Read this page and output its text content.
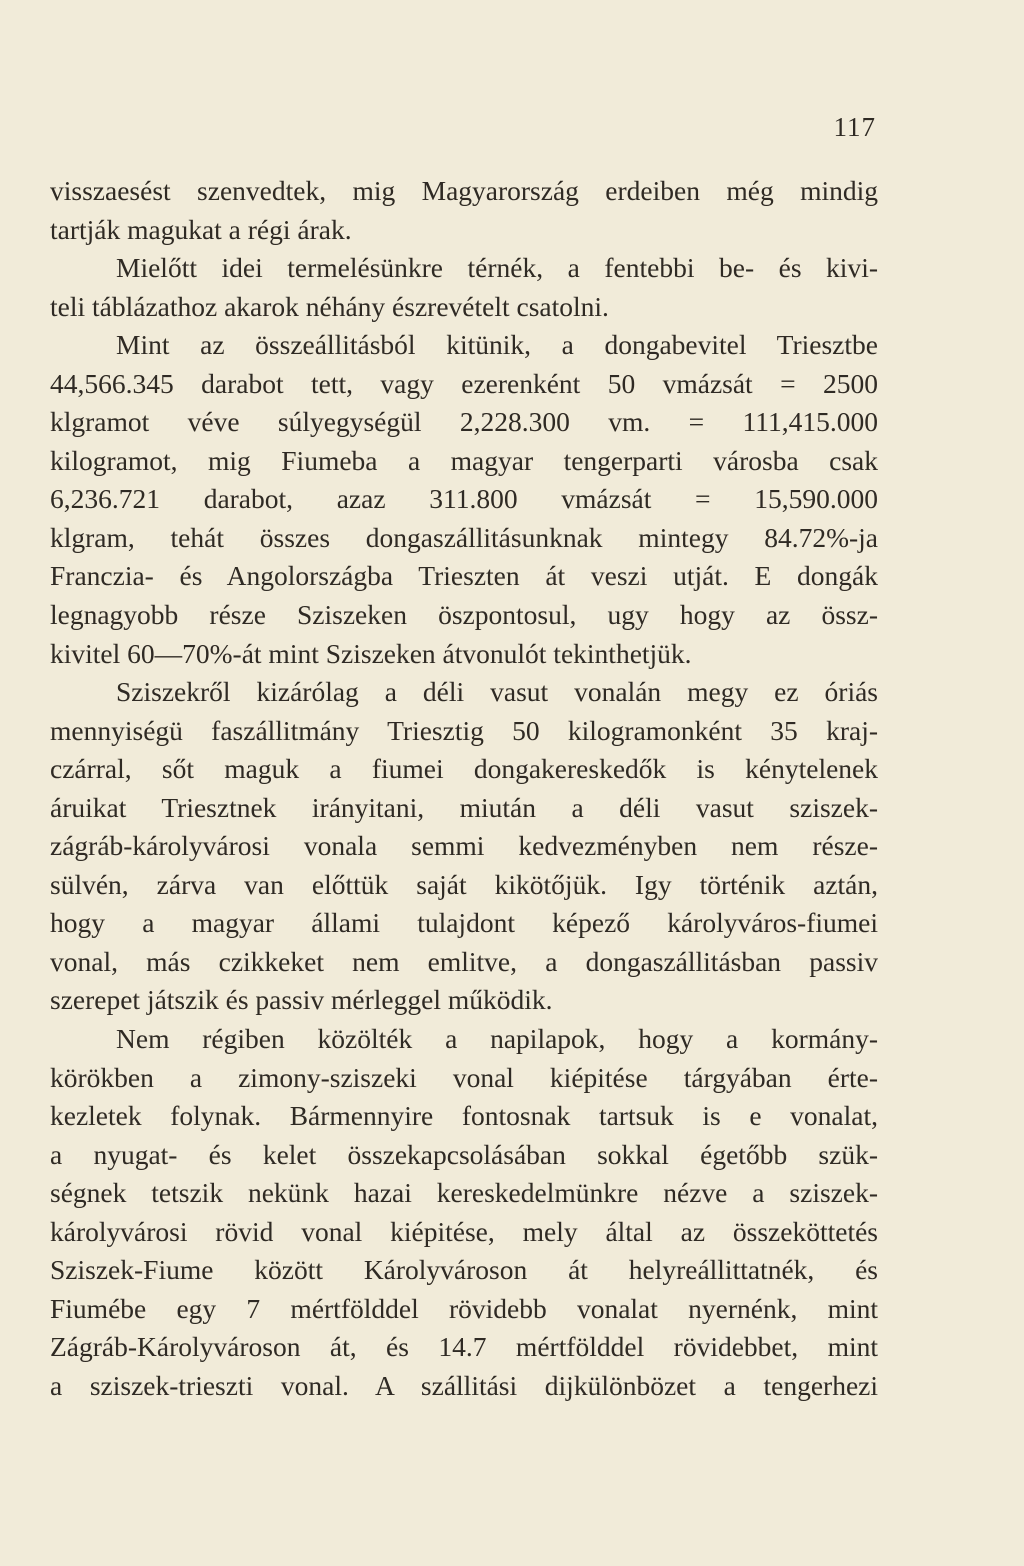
117
visszaesést szenvedtek, mig Magyarország erdeiben még mindig
tartják magukat a régi árak.
Mielőtt idei termelésünkre térnék, a fentebbi be- és kivi-
teli táblázathoz akarok néhány észrevételt csatolni.
Mint az összeállitásból kitünik, a dongabevitel Triesztbe
44,566.345 darabot tett, vagy ezerenként 50 vmázsát = 2500
klgramot véve súlyegységül 2,228.300 vm. = 111,415.000
kilogramot, mig Fiumeba a magyar tengerparti városba csak
6,236.721 darabot, azaz 311.800 vmázsát = 15,590.000
klgram, tehát összes dongaszállitásunknak mintegy 84.72%-ja
Francziа- és Angolországba Triesztеn át veszi utját. E dongák
legnagyobb része Sziszeken öszpontosul, ugy hogy az össz-
kivitel 60—70%-át mint Sziszeken átvonulót tekinthetjük.
Sziszekről kizárólag a déli vasut vonalán megy ez óriás
mennyiségü faszállitmány Triesztig 50 kilogramonként 35 kraj-
czárral, sőt maguk a fiumei dongakereskedők is kénytelenek
áruikat Triesztnek irányitani, miután a déli vasut sziszek-
zágráb-károlyvárosi vonala semmi kedvezményben nem része-
sülvén, zárva van előttük saját kikötőjük. Igy történik aztán,
hogy a magyar állami tulajdont képező károlyváros-fiumei
vonal, más czikkeket nem emlitve, a dongaszállitásban passiv
szerepet játszik és passiv mérleggel működik.
Nem régiben közölték a napilapok, hogy a kormány-
körökben a zimony-sziszeki vonal kiépitése tárgyában érte-
kezletek folynak. Bármennyire fontosnak tartsuk is e vonalat,
a nyugat- és kelet összekapcsolásában sokkal égetőbb szük-
ségnek tetszik nekünk hazai kereskedelmünkre nézve a sziszek-
károlyvárosi rövid vonal kiépitése, mely által az összeköttetés
Sziszek-Fiume között Károlyvároson át helyreállittatnék, és
Fiumébe egy 7 mértfölddel rövidebb vonalat nyernénk, mint
Zágráb-Károlyvároson át, és 14.7 mértfölddel rövidebbet, mint
a sziszek-trieszti vonal. A szállitási dijkülönbözet a tengerhezi
